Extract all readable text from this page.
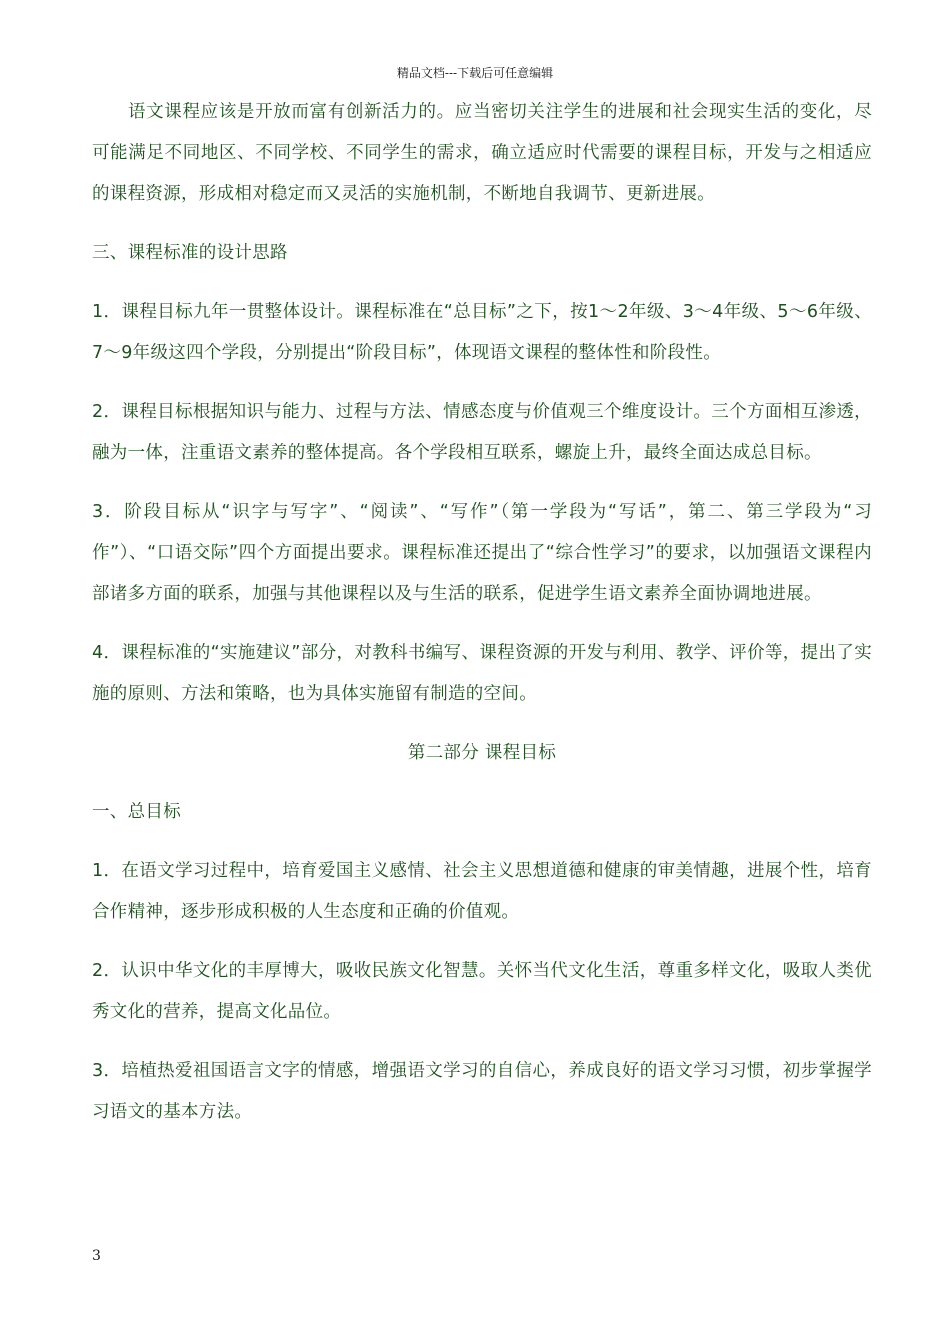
精品文档---下载后可任意编辑

语文课程应该是开放而富有创新活力的。应当密切关注学生的进展和社会现实生活的变化，尽可能满足不同地区、不同学校、不同学生的需求，确立适应时代需要的课程目标，开发与之相适应的课程资源，形成相对稳定而又灵活的实施机制，不断地自我调节、更新进展。

三、课程标准的设计思路

1．课程目标九年一贯整体设计。课程标准在“总目标”之下，按1～2年级、3～4年级、5～6年级、7～9年级这四个学段，分别提出“阶段目标”，体现语文课程的整体性和阶段性。

2．课程目标根据知识与能力、过程与方法、情感态度与价值观三个维度设计。三个方面相互渗透，融为一体，注重语文素养的整体提高。各个学段相互联系，螺旋上升，最终全面达成总目标。

3．阶段目标从“识字与写字”、“阅读”、“写作”（第一学段为“写话”，第二、第三学段为“习作”）、“口语交际”四个方面提出要求。课程标准还提出了“综合性学习”的要求，以加强语文课程内部诸多方面的联系，加强与其他课程以及与生活的联系，促进学生语文素养全面协调地进展。

4．课程标准的“实施建议”部分，对教科书编写、课程资源的开发与利用、教学、评价等，提出了实施的原则、方法和策略，也为具体实施留有制造的空间。

第二部分 课程目标

一、总目标

1．在语文学习过程中，培育爱国主义感情、社会主义思想道德和健康的审美情趣，进展个性，培育合作精神，逐步形成积极的人生态度和正确的价值观。

2．认识中华文化的丰厚博大，吸收民族文化智慧。关怀当代文化生活，尊重多样文化，吸取人类优秀文化的营养，提高文化品位。

3．培植热爱祖国语言文字的情感，增强语文学习的自信心，养成良好的语文学习习惯，初步掌握学习语文的基本方法。

3
